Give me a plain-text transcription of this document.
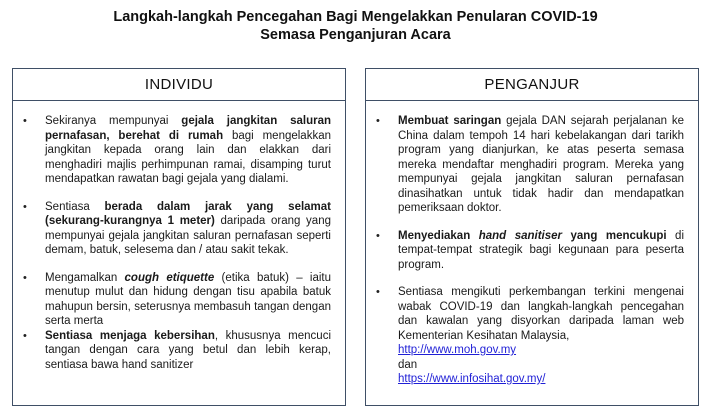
Langkah-langkah Pencegahan Bagi Mengelakkan Penularan COVID-19
Semasa Penganjuran Acara
INDIVIDU
• Sekiranya mempunyai gejala jangkitan saluran pernafasan, berehat di rumah bagi mengelakkan jangkitan kepada orang lain dan elakkan dari menghadiri majlis perhimpunan ramai, disamping turut mendapatkan rawatan bagi gejala yang dialami.
• Sentiasa berada dalam jarak yang selamat (sekurang-kurangnya 1 meter) daripada orang yang mempunyai gejala jangkitan saluran pernafasan seperti demam, batuk, selesema dan / atau sakit tekak.
• Mengamalkan cough etiquette (etika batuk) – iaitu menutup mulut dan hidung dengan tisu apabila batuk mahupun bersin, seterusnya membasuh tangan dengan serta merta
• Sentiasa menjaga kebersihan, khususnya mencuci tangan dengan cara yang betul dan lebih kerap, sentiasa bawa hand sanitizer
PENGANJUR
• Membuat saringan gejala DAN sejarah perjalanan ke China dalam tempoh 14 hari kebelakangan dari tarikh program yang dianjurkan, ke atas peserta semasa mereka mendaftar menghadiri program. Mereka yang mempunyai gejala jangkitan saluran pernafasan dinasihatkan untuk tidak hadir dan mendapatkan pemeriksaan doktor.
• Menyediakan hand sanitiser yang mencukupi di tempat-tempat strategik bagi kegunaan para peserta program.
• Sentiasa mengikuti perkembangan terkini mengenai wabak COVID-19 dan langkah-langkah pencegahan dan kawalan yang disyorkan daripada laman web Kementerian Kesihatan Malaysia,
http://www.moh.gov.my
dan
https://www.infosihat.gov.my/
